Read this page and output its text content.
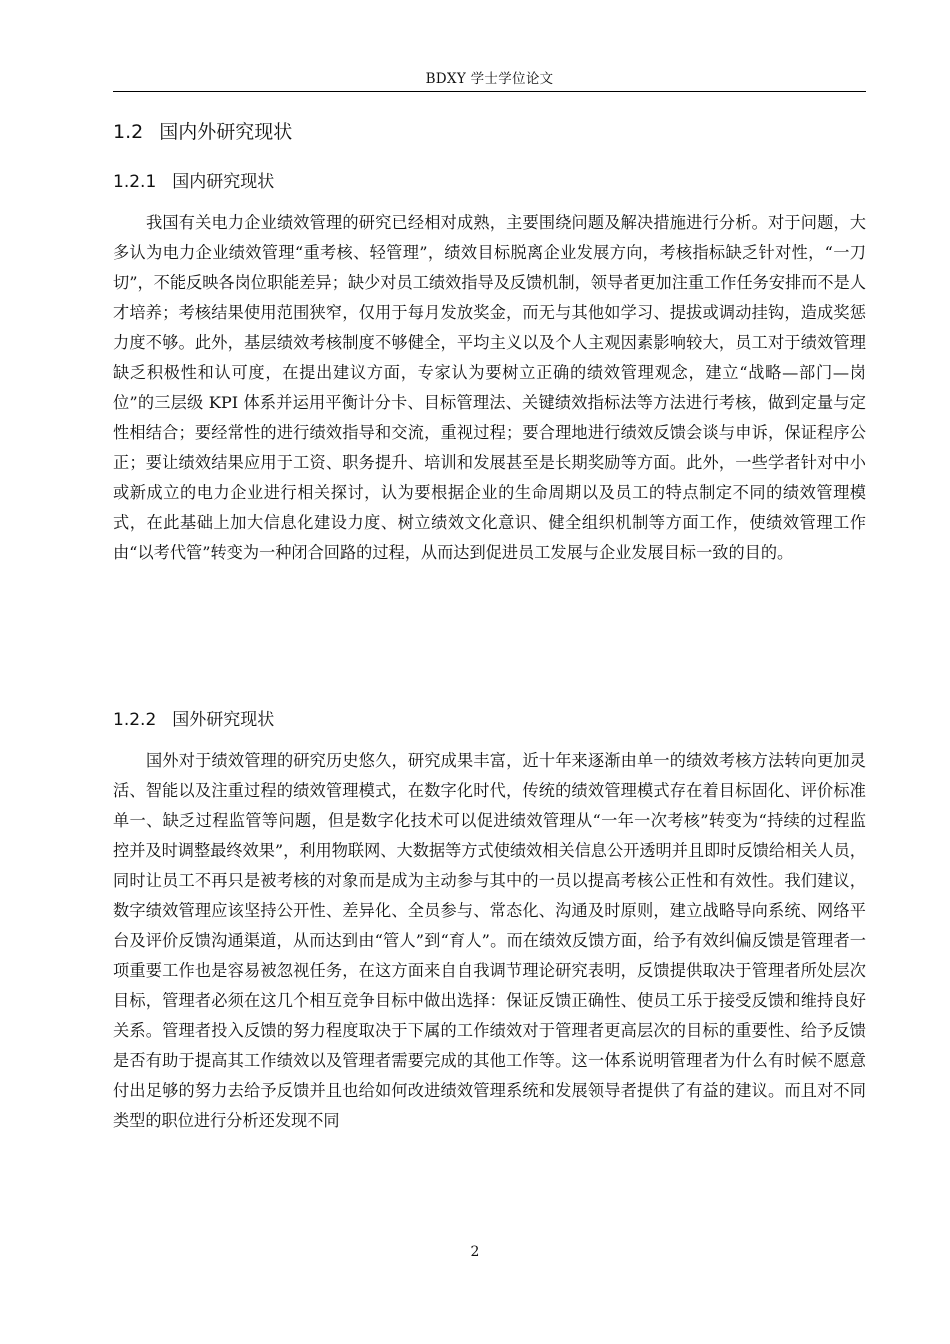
BDXY 学士学位论文
1.2 国内外研究现状
1.2.1 国内研究现状
我国有关电力企业绩效管理的研究已经相对成熟，主要围绕问题及解决措施进行分析。对于问题，大多认为电力企业绩效管理“重考核、轻管理”，绩效目标脱离企业发展方向，考核指标缺乏针对性，“一刀切”，不能反映各岗位职能差异；缺少对员工绩效指导及反馈机制，领导者更加注重工作任务安排而不是人才培养；考核结果使用范围狭窄，仅用于每月发放奖金，而无与其他如学习、提拔或调动挂钩，造成奖惩力度不够。此外，基层绩效考核制度不够健全，平均主义以及个人主观因素影响较大，员工对于绩效管理缺乏积极性和认可度，在提出建议方面，专家认为要树立正确的绩效管理观念，建立“战略—部门—岗位”的三层级 KPI 体系并运用平衡计分卡、目标管理法、关键绩效指标法等方法进行考核，做到定量与定性相结合；要经常性的进行绩效指导和交流，重视过程；要合理地进行绩效反馈会谈与申诉，保证程序公正；要让绩效结果应用于工资、职务提升、培训和发展甚至是长期奖励等方面。此外，一些学者针对中小或新成立的电力企业进行相关探讨，认为要根据企业的生命周期以及员工的特点制定不同的绩效管理模式，在此基础上加大信息化建设力度、树立绩效文化意识、健全组织机制等方面工作，使绩效管理工作由“以考代管”转变为一种闭合回路的过程，从而达到促进员工发展与企业发展目标一致的目的。
1.2.2 国外研究现状
国外对于绩效管理的研究历史悠久，研究成果丰富，近十年来逐渐由单一的绩效考核方法转向更加灵活、智能以及注重过程的绩效管理模式，在数字化时代，传统的绩效管理模式存在着目标固化、评价标准单一、缺乏过程监管等问题，但是数字化技术可以促进绩效管理从“一年一次考核”转变为“持续的过程监控并及时调整最终效果”，利用物联网、大数据等方式使绩效相关信息公开透明并且即时反馈给相关人员，同时让员工不再只是被考核的对象而是成为主动参与其中的一员以提高考核公正性和有效性。我们建议，数字绩效管理应该坚持公开性、差异化、全员参与、常态化、沟通及时原则，建立战略导向系统、网络平台及评价反馈沟通渠道，从而达到由“管人”到“育人”。而在绩效反馈方面，给予有效纠偏反馈是管理者一项重要工作也是容易被忽视任务，在这方面来自自我调节理论研究表明，反馈提供取决于管理者所处层次目标，管理者必须在这几个相互竞争目标中做出选择：保证反馈正确性、使员工乐于接受反馈和维持良好关系。管理者投入反馈的努力程度取决于下属的工作绩效对于管理者更高层次的目标的重要性、给予反馈是否有助于提高其工作绩效以及管理者需要完成的其他工作等。这一体系说明管理者为什么有时候不愿意付出足够的努力去给予反馈并且也给如何改进绩效管理系统和发展领导者提供了有益的建议。而且对不同类型的职位进行分析还发现不同
2
